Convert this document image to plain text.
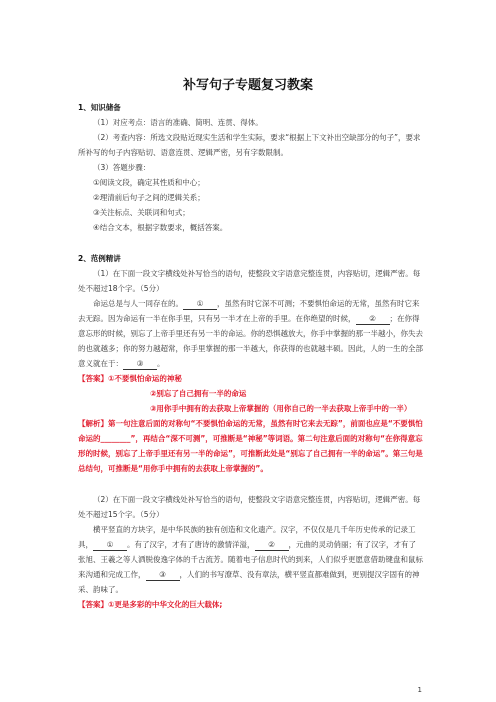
补写句子专题复习教案

1、知识储备

（1）对应考点：语言的准确、简明、连贯、得体。

（2）考查内容：所选文段贴近现实生活和学生实际，要求“根据上下文补出空缺部分的句子”，要求所补写的句子内容贴切、语意连贯、逻辑严密，另有字数限制。

（3）答题步骤：

①阅读文段，确定其性质和中心；

②理清前后句子之间的逻辑关系；

③关注标点、关联词和句式；

④结合文本，根据字数要求，概括答案。

2、范例精讲

（1）在下面一段文字横线处补写恰当的语句，使整段文字语意完整连贯，内容贴切，逻辑严密。每处不超过18个字。（5分）

命运总是与人一同存在的。 ① ，虽然有时它深不可测；不要惧怕命运的无常，虽然有时它来去无踪。因为命运有一半在你手里，只有另一半才在上帝的手里。在你绝望的时候， ② ；在你得意忘形的时候，别忘了上帝手里还有另一半的命运。你的恐惧越放大，你手中掌握的那一半越小，你失去的也就越多；你的努力越超常，你手里掌握的那一半越大，你获得的也就越丰硕。因此，人的一生的全部意义就在于： ③ 。

【答案】①不要惧怕命运的神秘

②别忘了自己拥有一半的命运

③用你手中拥有的去获取上帝掌握的（用你自己的一半去获取上帝手中的一半）

【解析】第一句注意后面的对称句“不要惧怕命运的无常，虽然有时它来去无踪”，前面也应是“不要惧怕命运的________”，再结合“深不可测”，可推断是“神秘”等词语。第二句注意后面的对称句“在你得意忘形的时候，别忘了上帝手里还有另一半的命运”，可推断此处是“别忘了自己拥有一半的命运”。第三句是总结句，可推断是“用你手中拥有的去获取上帝掌握的”。

（2）在下面一段文字横线处补写恰当的语句，使整段文字语意完整连贯，内容贴切，逻辑严密。每处不超过15个字。（5分）

横平竖直的方块字，是中华民族的独有创造和文化遗产。汉字，不仅仅是几千年历史传承的记录工具， ① 。有了汉字，才有了唐诗的激情洋溢， ② ，元曲的灵动俏丽；有了汉字，才有了张旭、王羲之等人洒脱俊逸字体的千古流芳。随着电子信息时代的到来，人们似乎更愿意借助键盘和鼠标来沟通和完成工作， ③ ，人们的书写潦草、没有章法，横平竖直都难做到，更别提汉字固有的神采、韵味了。

【答案】①更是多彩的中华文化的巨大载体;

1
